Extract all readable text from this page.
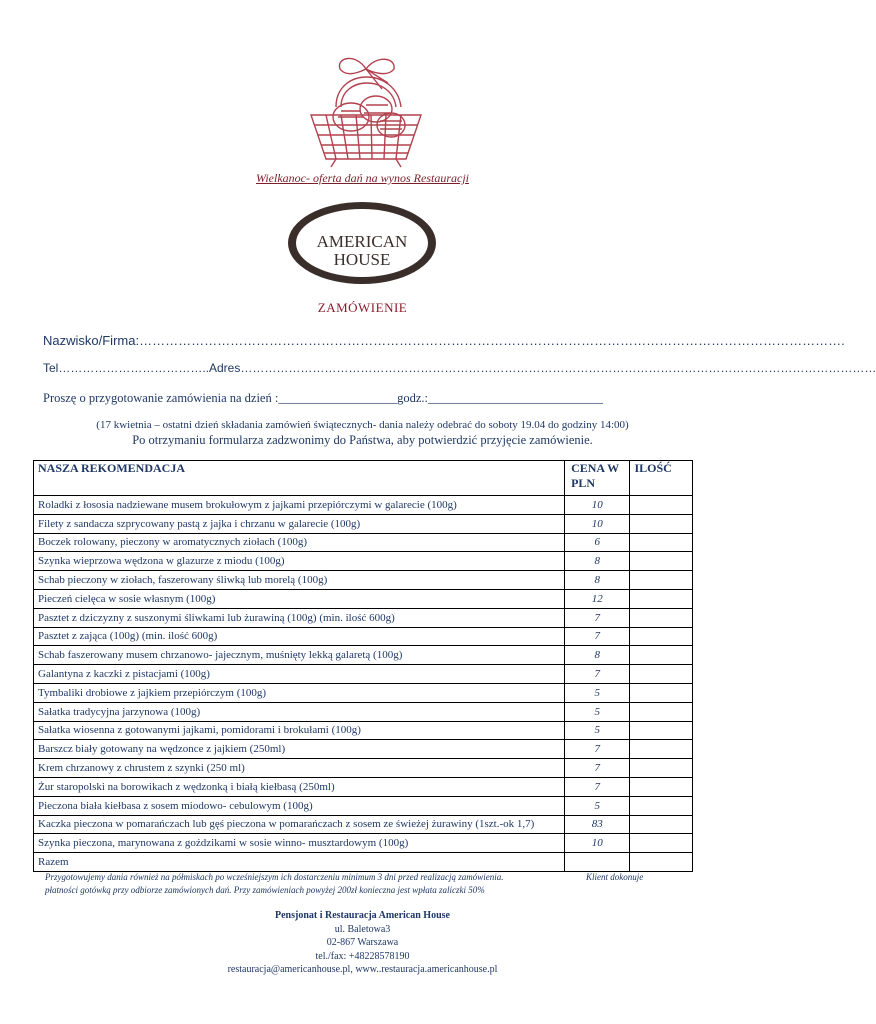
Wielkanoc- oferta dań na wynos Restauracji
AMERICAN
HOUSE
ZAMÓWIENIE
Nazwisko/Firma:……………………………………………………………………………………………………………………………………………….
Tel………………………………..Adres……………………………………………………………………………………………………………………………………………
Proszę o przygotowanie zamówienia na dzień :___________________godz.:____________________________
(17 kwietnia – ostatni dzień składania zamówień świątecznych- dania należy odebrać do soboty 19.04 do godziny 14:00)
Po otrzymaniu formularza zadzwonimy do Państwa, aby potwierdzić przyjęcie zamówienie.
NASZA REKOMENDACJA	CENA W PLN	ILOŚĆ
Roladki z łososia nadziewane musem brokułowym z jajkami przepiórczymi w galarecie (100g)	10	
Filety z sandacza szprycowany pastą z jajka i chrzanu w galarecie (100g)	10	
Boczek rolowany, pieczony w aromatycznych ziołach (100g)	6	
Szynka wieprzowa wędzona w glazurze z miodu (100g)	8	
Schab pieczony w ziołach, faszerowany śliwką lub morelą (100g)	8	
Pieczeń cielęca w sosie własnym (100g)	12	
Pasztet z dziczyzny z suszonymi śliwkami lub żurawiną (100g) (min. ilość 600g)	7	
Pasztet z zająca (100g) (min. ilość 600g)	7	
Schab faszerowany musem chrzanowo- jajecznym, muśnięty lekką galaretą (100g)	8	
Galantyna z kaczki z pistacjami (100g)	7	
Tymbaliki drobiowe z jajkiem przepiórczym (100g)	5	
Sałatka tradycyjna jarzynowa (100g)	5	
Sałatka wiosenna z gotowanymi jajkami, pomidorami i brokułami (100g)	5	
Barszcz biały gotowany na wędzonce z jajkiem (250ml)	7	
Krem chrzanowy z chrustem z szynki (250 ml)	7	
Żur staropolski na borowikach z wędzonką i białą kiełbasą (250ml)	7	
Pieczona biała kiełbasa z sosem miodowo- cebulowym (100g)	5	
Kaczka pieczona w pomarańczach lub gęś pieczona w pomarańczach z sosem ze świeżej żurawiny (1szt.-ok 1,7)	83	
Szynka pieczona, marynowana z goździkami w sosie winno- musztardowym (100g)	10	
Razem		
Przygotowujemy dania również na półmiskach po wcześniejszym ich dostarczeniu minimum 3 dni przed realizacją zamówienia.
płatności gotówką przy odbiorze zamówionych dań. Przy zamówieniach powyżej 200zł konieczna jest wpłata zaliczki 50%
Klient dokonuje
Pensjonat i Restauracja American House
ul. Baletowa3
02-867 Warszawa
tel./fax: +48228578190
restauracja@americanhouse.pl, www..restauracja.americanhouse.pl
